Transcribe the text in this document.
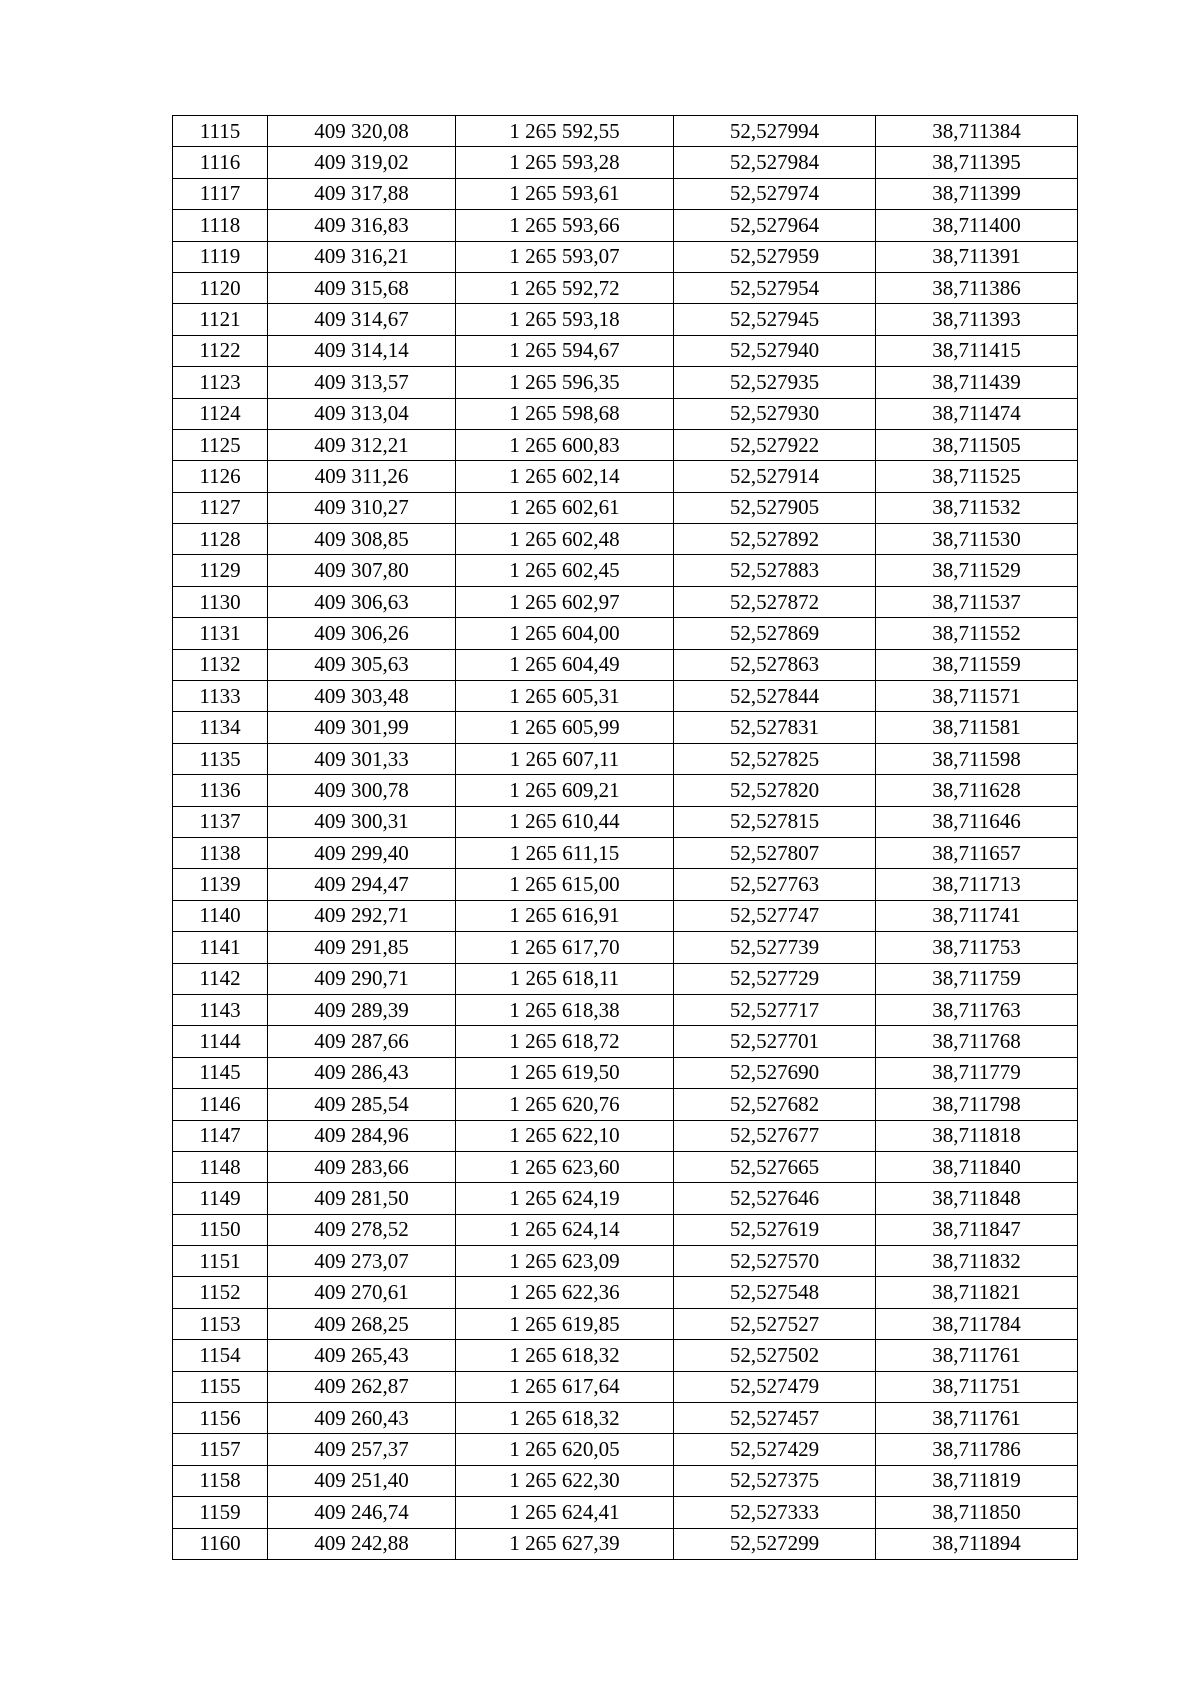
1115	409 320,08	1 265 592,55	52,527994	38,711384
1116	409 319,02	1 265 593,28	52,527984	38,711395
1117	409 317,88	1 265 593,61	52,527974	38,711399
1118	409 316,83	1 265 593,66	52,527964	38,711400
1119	409 316,21	1 265 593,07	52,527959	38,711391
1120	409 315,68	1 265 592,72	52,527954	38,711386
1121	409 314,67	1 265 593,18	52,527945	38,711393
1122	409 314,14	1 265 594,67	52,527940	38,711415
1123	409 313,57	1 265 596,35	52,527935	38,711439
1124	409 313,04	1 265 598,68	52,527930	38,711474
1125	409 312,21	1 265 600,83	52,527922	38,711505
1126	409 311,26	1 265 602,14	52,527914	38,711525
1127	409 310,27	1 265 602,61	52,527905	38,711532
1128	409 308,85	1 265 602,48	52,527892	38,711530
1129	409 307,80	1 265 602,45	52,527883	38,711529
1130	409 306,63	1 265 602,97	52,527872	38,711537
1131	409 306,26	1 265 604,00	52,527869	38,711552
1132	409 305,63	1 265 604,49	52,527863	38,711559
1133	409 303,48	1 265 605,31	52,527844	38,711571
1134	409 301,99	1 265 605,99	52,527831	38,711581
1135	409 301,33	1 265 607,11	52,527825	38,711598
1136	409 300,78	1 265 609,21	52,527820	38,711628
1137	409 300,31	1 265 610,44	52,527815	38,711646
1138	409 299,40	1 265 611,15	52,527807	38,711657
1139	409 294,47	1 265 615,00	52,527763	38,711713
1140	409 292,71	1 265 616,91	52,527747	38,711741
1141	409 291,85	1 265 617,70	52,527739	38,711753
1142	409 290,71	1 265 618,11	52,527729	38,711759
1143	409 289,39	1 265 618,38	52,527717	38,711763
1144	409 287,66	1 265 618,72	52,527701	38,711768
1145	409 286,43	1 265 619,50	52,527690	38,711779
1146	409 285,54	1 265 620,76	52,527682	38,711798
1147	409 284,96	1 265 622,10	52,527677	38,711818
1148	409 283,66	1 265 623,60	52,527665	38,711840
1149	409 281,50	1 265 624,19	52,527646	38,711848
1150	409 278,52	1 265 624,14	52,527619	38,711847
1151	409 273,07	1 265 623,09	52,527570	38,711832
1152	409 270,61	1 265 622,36	52,527548	38,711821
1153	409 268,25	1 265 619,85	52,527527	38,711784
1154	409 265,43	1 265 618,32	52,527502	38,711761
1155	409 262,87	1 265 617,64	52,527479	38,711751
1156	409 260,43	1 265 618,32	52,527457	38,711761
1157	409 257,37	1 265 620,05	52,527429	38,711786
1158	409 251,40	1 265 622,30	52,527375	38,711819
1159	409 246,74	1 265 624,41	52,527333	38,711850
1160	409 242,88	1 265 627,39	52,527299	38,711894
